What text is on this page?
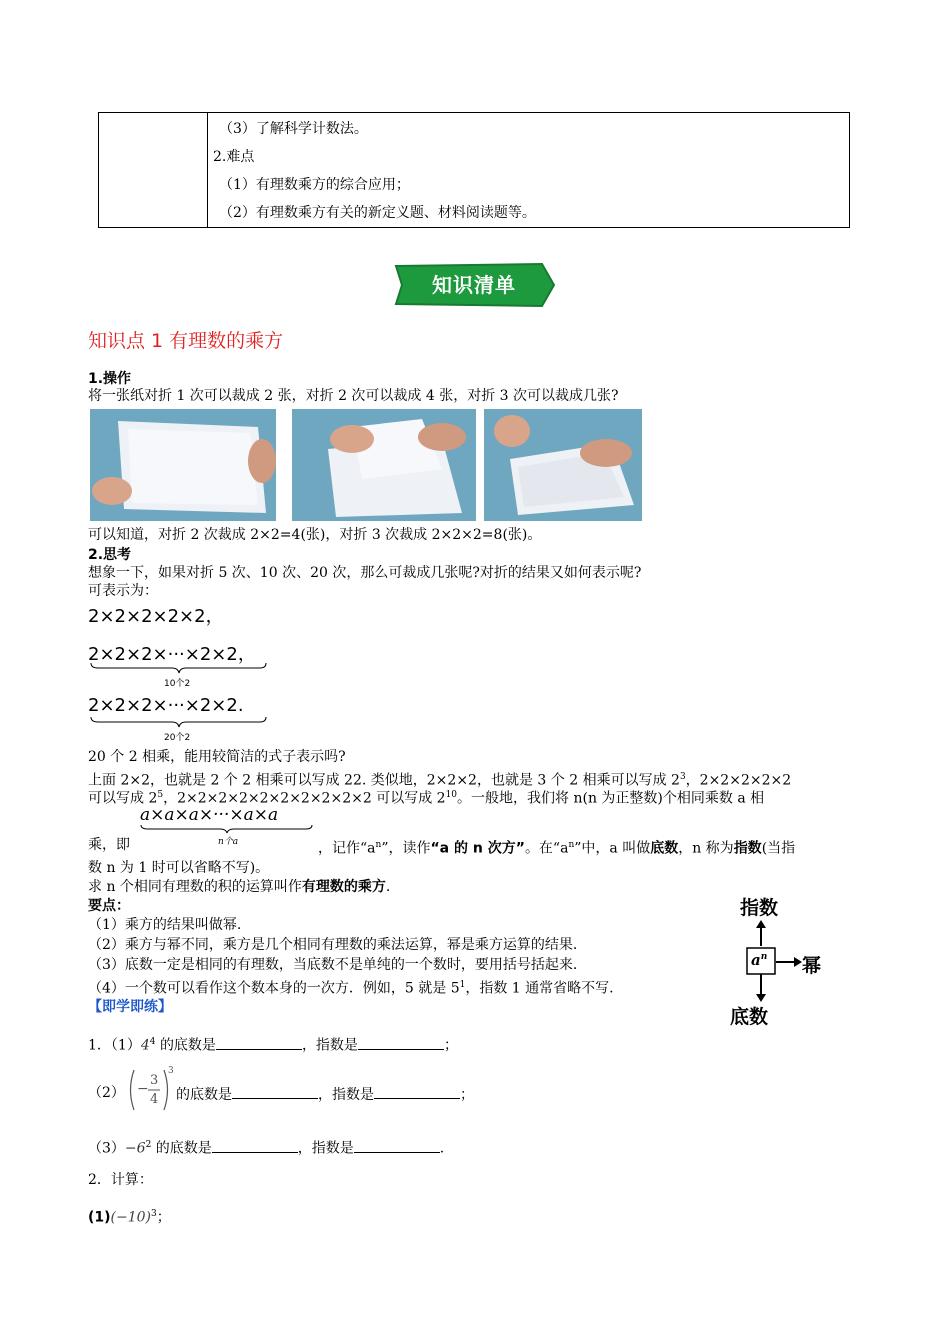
（3）了解科学计数法。
2.难点
（1）有理数乘方的综合应用；
（2）有理数乘方有关的新定义题、材料阅读题等。
知识清单
知识点 1 有理数的乘方
1.操作
将一张纸对折 1 次可以裁成 2 张，对折 2 次可以裁成 4 张，对折 3 次可以裁成几张?
可以知道，对折 2 次裁成 2×2=4(张)，对折 3 次裁成 2×2×2=8(张)。
2.思考
想象一下，如果对折 5 次、10 次、20 次，那么可裁成几张呢?对折的结果又如何表示呢?
可表示为：
2×2×2×2×2，
2×2×2×···×2×2，
10个2
2×2×2×···×2×2.
20个2
20 个 2 相乘，能用较简洁的式子表示吗?
上面 2×2，也就是 2 个 2 相乘可以写成 22. 类似地，2×2×2，也就是 3 个 2 相乘可以写成 $2^3$，2×2×2×2×2
可以写成 $2^5$，2×2×2×2×2×2×2×2×2×2 可以写成 $2^{10}$。一般地，我们将 n(n 为正整数)个相同乘数 a 相
a×a×a×···×a×a
n个a
乘，即	，记作“$a^n$”，读作“a 的 n 次方”。在“$a^n$”中，a 叫做底数，n 称为指数(当指
数 n 为 1 时可以省略不写)。
求 n 个相同有理数的积的运算叫作有理数的乘方.
要点：
（1）乘方的结果叫做幂.
（2）乘方与幂不同，乘方是几个相同有理数的乘法运算，幂是乘方运算的结果.
（3）底数一定是相同的有理数，当底数不是单纯的一个数时，要用括号括起来.
（4）一个数可以看作这个数本身的一次方．例如，5 就是 $5^1$，指数 1 通常省略不写.
指数
幂
底数
$a^n$
【即学即练】
1．$(1)4^4$ 的底数是	，指数是	；
（2） −
3
4
3
的底数是	，指数是	；
$(3)-6^2$ 的底数是	，指数是	.
2．计算：
$(1)(-10)^3$；
